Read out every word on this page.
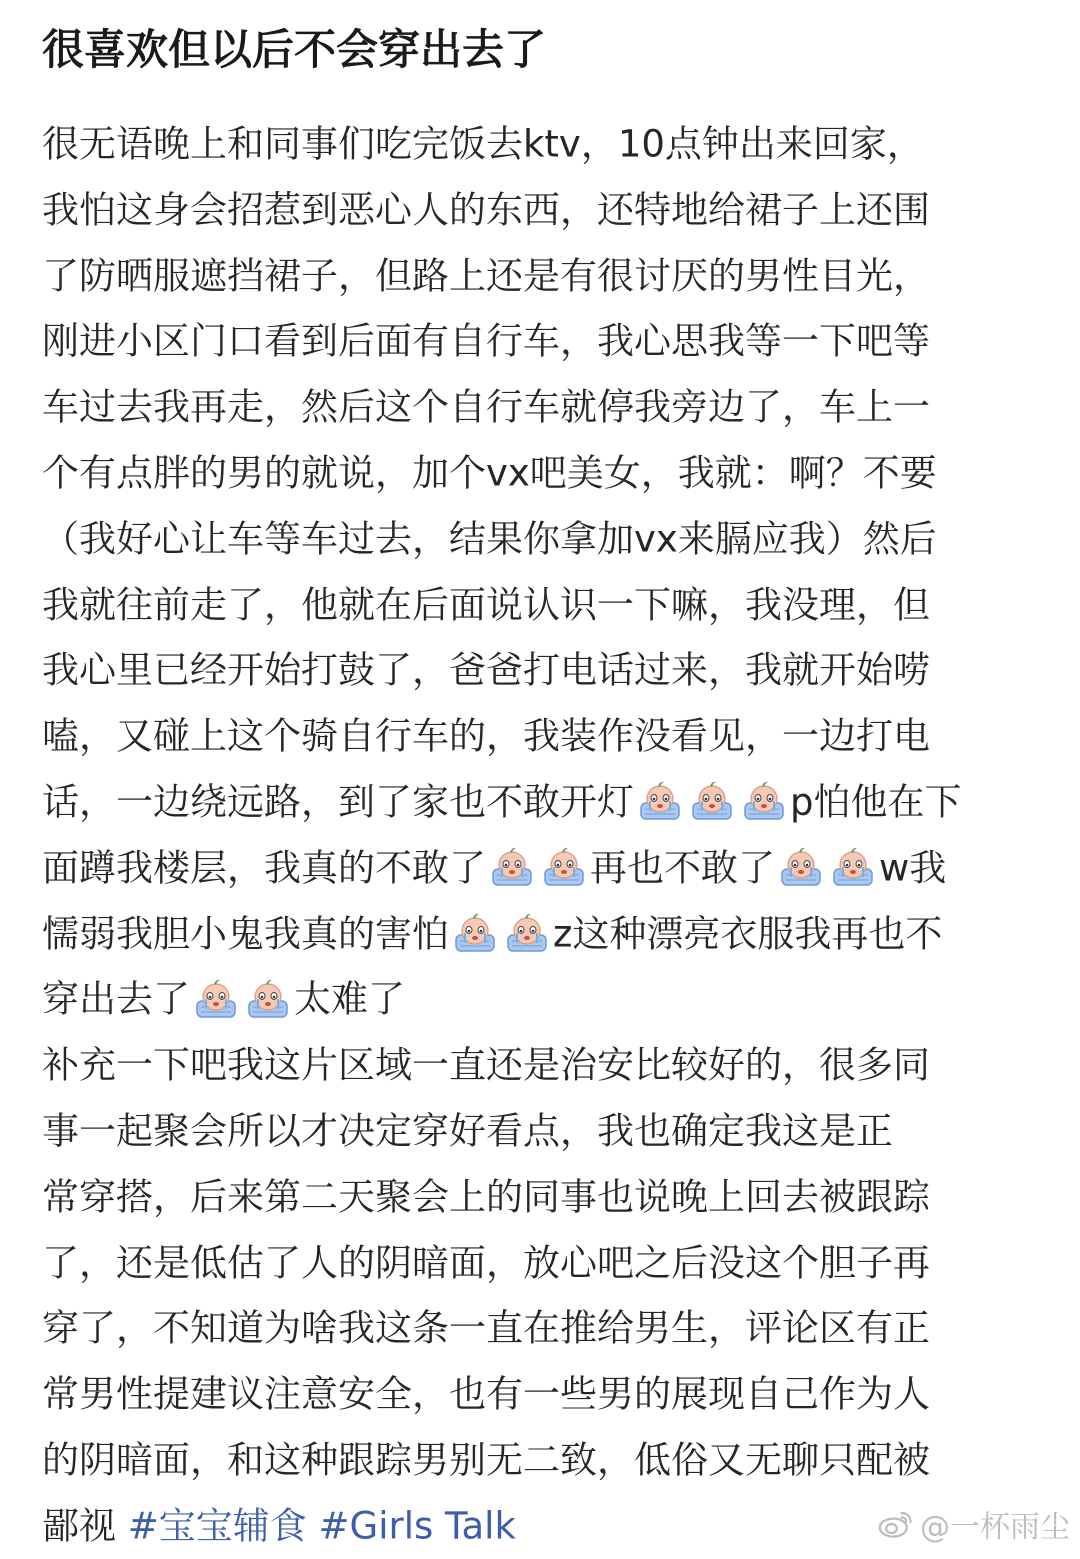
很喜欢但以后不会穿出去了
很无语晚上和同事们吃完饭去ktv，10点钟出来回家，
我怕这身会招惹到恶心人的东西，还特地给裙子上还围
了防晒服遮挡裙子，但路上还是有很讨厌的男性目光，
刚进小区门口看到后面有自行车，我心思我等一下吧等
车过去我再走，然后这个自行车就停我旁边了，车上一
个有点胖的男的就说，加个vx吧美女，我就：啊？不要
（我好心让车等车过去，结果你拿加vx来膈应我）然后
我就往前走了，他就在后面说认识一下嘛，我没理，但
我心里已经开始打鼓了，爸爸打电话过来，我就开始唠
嗑，又碰上这个骑自行车的，我装作没看见，一边打电
话，一边绕远路，到了家也不敢开灯	p怕他在下
面蹲我楼层，我真的不敢了	再也不敢了	w我
懦弱我胆小鬼我真的害怕	z这种漂亮衣服我再也不
穿出去了	太难了
补充一下吧我这片区域一直还是治安比较好的，很多同
事一起聚会所以才决定穿好看点，我也确定我这是正
常穿搭，后来第二天聚会上的同事也说晚上回去被跟踪
了，还是低估了人的阴暗面，放心吧之后没这个胆子再
穿了，不知道为啥我这条一直在推给男生，评论区有正
常男性提建议注意安全，也有一些男的展现自己作为人
的阴暗面，和这种跟踪男别无二致，低俗又无聊只配被
鄙视 #宝宝辅食 #Girls Talk	@一杯雨尘
